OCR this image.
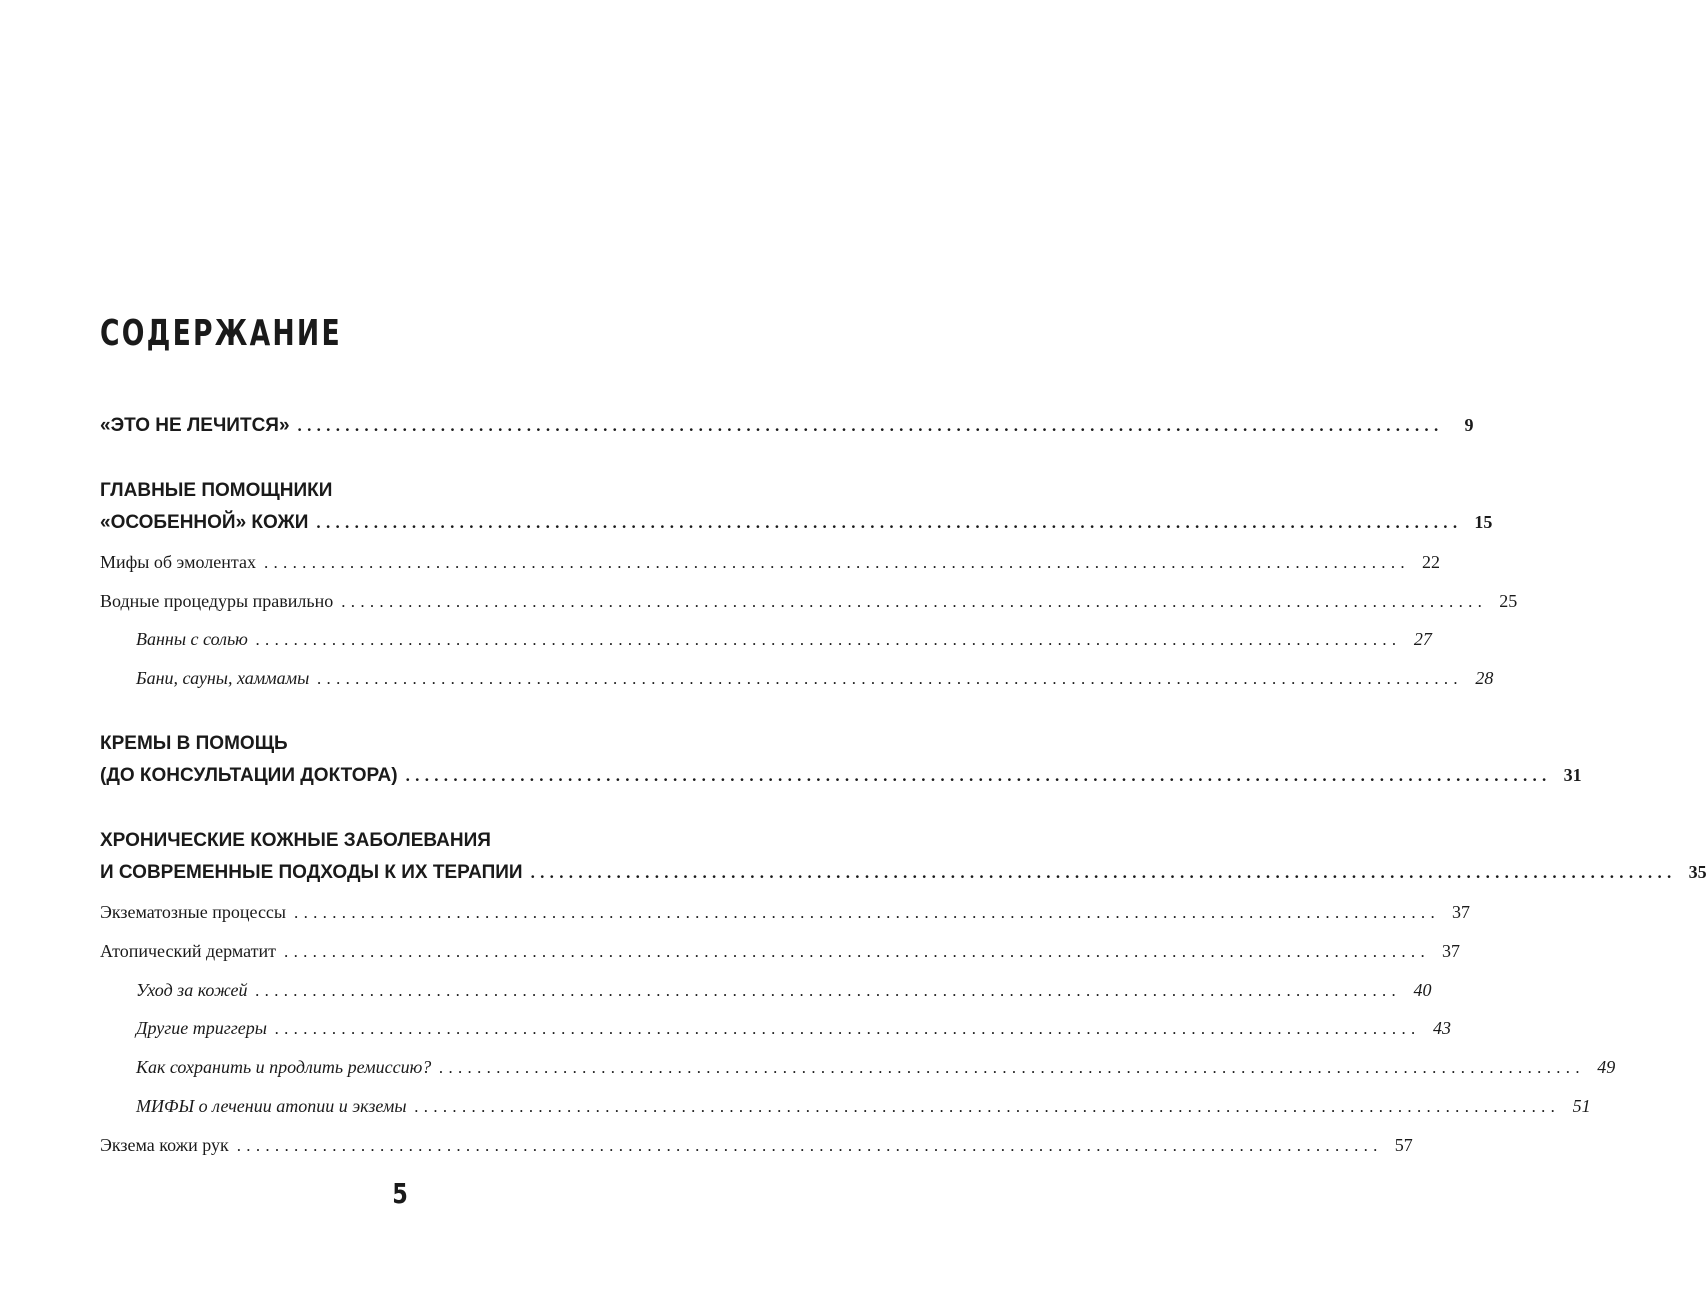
СОДЕРЖАНИЕ
«ЭТО НЕ ЛЕЧИТСЯ» ........................................................................................................................	9
ГЛАВНЫЕ ПОМОЩНИКИ
«ОСОБЕННОЙ» КОЖИ ........................................................................................................................ 15
Мифы об эмолентах ........................................................................................................................ 22
Водные процедуры правильно ........................................................................................................................ 25
Ванны с солью ........................................................................................................................ 27
Бани, сауны, хаммамы ........................................................................................................................ 28
КРЕМЫ В ПОМОЩЬ
(ДО КОНСУЛЬТАЦИИ ДОКТОРА) ........................................................................................................................ 31
ХРОНИЧЕСКИЕ КОЖНЫЕ ЗАБОЛЕВАНИЯ
И СОВРЕМЕННЫЕ ПОДХОДЫ К ИХ ТЕРАПИИ ........................................................................................................................ 35
Экзематозные процессы ........................................................................................................................ 37
Атопический дерматит ........................................................................................................................ 37
Уход за кожей ........................................................................................................................ 40
Другие триггеры ........................................................................................................................ 43
Как сохранить и продлить ремиссию? ........................................................................................................................ 49
МИФЫ о лечении атопии и экземы ........................................................................................................................ 51
Экзема кожи рук ........................................................................................................................ 57
5
